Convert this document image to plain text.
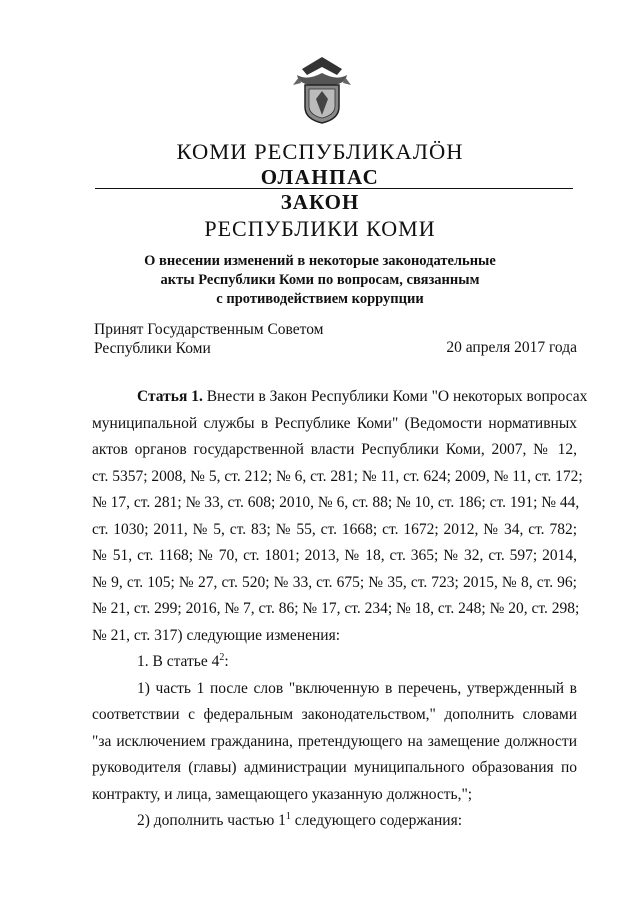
КОМИ РЕСПУБЛИКАЛӦН
ОЛАНПАС
ЗАКОН
РЕСПУБЛИКИ КОМИ
О внесении изменений в некоторые законодательные
акты Республики Коми по вопросам, связанным
с противодействием коррупции
Принят Государственным Советом
Республики Коми	20 апреля 2017 года
Статья 1. Внести в Закон Республики Коми "О некоторых вопросах
муниципальной службы в Республике Коми" (Ведомости нормативных
актов органов государственной власти Республики Коми, 2007, № 12,
ст. 5357; 2008, № 5, ст. 212; № 6, ст. 281; № 11, ст. 624; 2009, № 11, ст. 172;
№ 17, ст. 281; № 33, ст. 608; 2010, № 6, ст. 88; № 10, ст. 186; ст. 191; № 44,
ст. 1030; 2011, № 5, ст. 83; № 55, ст. 1668; ст. 1672; 2012, № 34, ст. 782;
№ 51, ст. 1168; № 70, ст. 1801; 2013, № 18, ст. 365; № 32, ст. 597; 2014,
№ 9, ст. 105; № 27, ст. 520; № 33, ст. 675; № 35, ст. 723; 2015, № 8, ст. 96;
№ 21, ст. 299; 2016, № 7, ст. 86; № 17, ст. 234; № 18, ст. 248; № 20, ст. 298;
№ 21, ст. 317) следующие изменения:
1. В статье $4^2$:
1) часть 1 после слов "включенную в перечень, утвержденный в
соответствии с федеральным законодательством," дополнить словами
"за исключением гражданина, претендующего на замещение должности
руководителя (главы) администрации муниципального образования по
контракту, и лица, замещающего указанную должность,";
2) дополнить частью $1^1$ следующего содержания:
